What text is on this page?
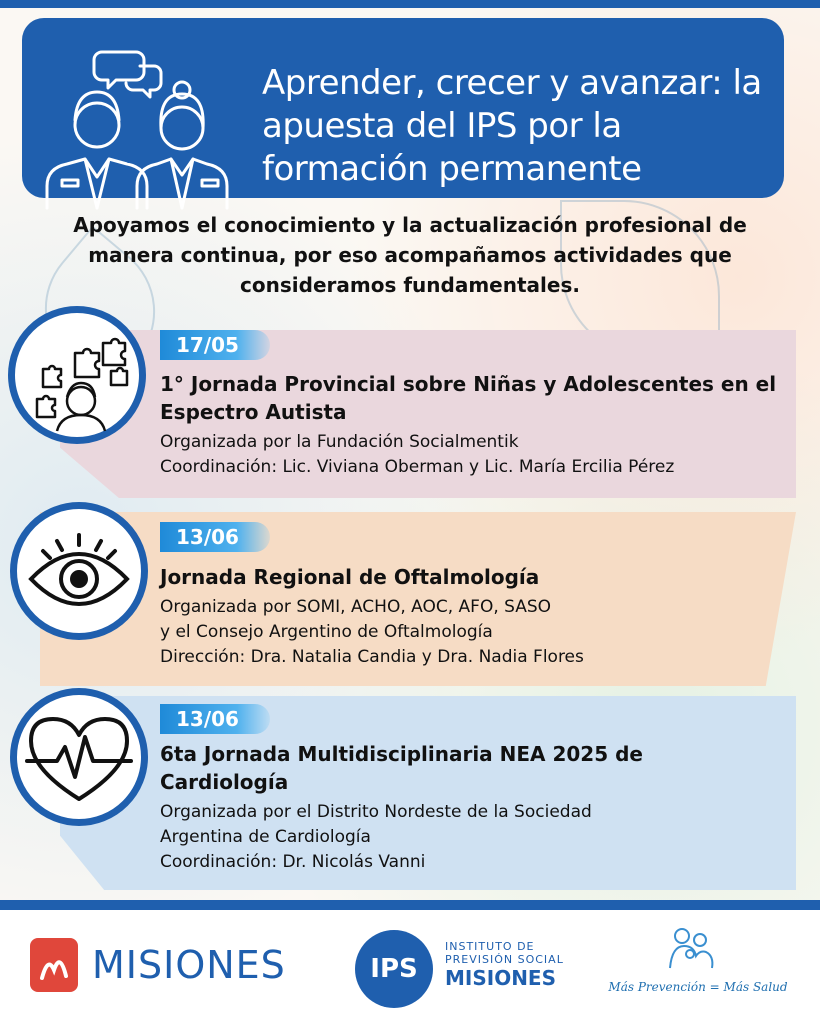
Aprender, crecer y avanzar: la apuesta del IPS por la formación permanente
Apoyamos el conocimiento y la actualización profesional de manera continua, por eso acompañamos actividades que consideramos fundamentales.
17/05
1° Jornada Provincial sobre Niñas y Adolescentes en el Espectro Autista
Organizada por la Fundación Socialmentik
Coordinación: Lic. Viviana Oberman y Lic. María Ercilia Pérez
13/06
Jornada Regional de Oftalmología
Organizada por SOMI, ACHO, AOC, AFO, SASO
y el Consejo Argentino de Oftalmología
Dirección: Dra. Natalia Candia y Dra. Nadia Flores
13/06
6ta Jornada Multidisciplinaria NEA 2025 de Cardiología
Organizada por el Distrito Nordeste de la Sociedad
Argentina de Cardiología
Coordinación: Dr. Nicolás Vanni
MISIONES	IPS
INSTITUTO DE
PREVISIÓN SOCIAL
MISIONES	Más Prevención = Más Salud
